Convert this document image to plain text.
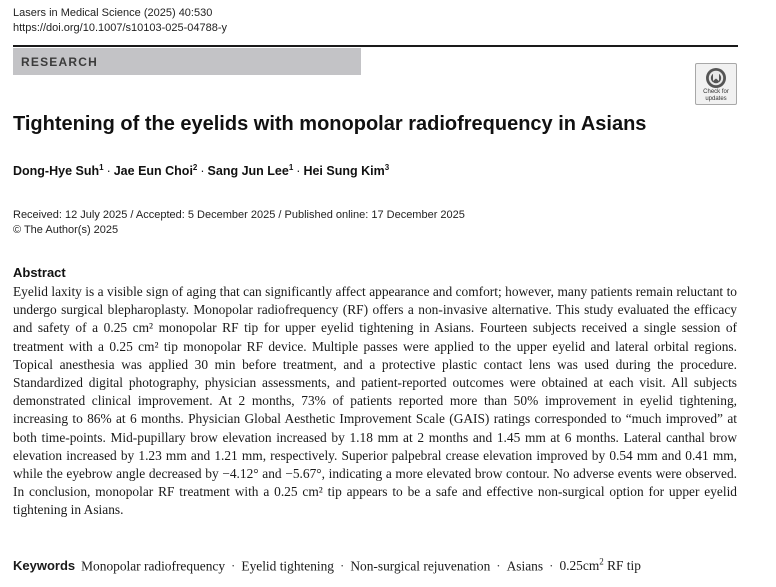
Lasers in Medical Science (2025) 40:530
https://doi.org/10.1007/s10103-025-04788-y
RESEARCH
Check for
updates
Tightening of the eyelids with monopolar radiofrequency in Asians
Dong-Hye Suh$^1$ · Jae Eun Choi$^2$ · Sang Jun Lee$^1$ · Hei Sung Kim$^3$
Received: 12 July 2025 / Accepted: 5 December 2025 / Published online: 17 December 2025
© The Author(s) 2025
Abstract
Eyelid laxity is a visible sign of aging that can significantly affect appearance and comfort; however, many patients remain reluctant to undergo surgical blepharoplasty. Monopolar radiofrequency (RF) offers a non-invasive alternative. This study evaluated the efficacy and safety of a 0.25 cm² monopolar RF tip for upper eyelid tightening in Asians. Fourteen subjects received a single session of treatment with a 0.25 cm² tip monopolar RF device. Multiple passes were applied to the upper eyelid and lateral orbital regions. Topical anesthesia was applied 30 min before treatment, and a protective plastic contact lens was used during the procedure. Standardized digital photography, physician assessments, and patient-reported outcomes were obtained at each visit. All subjects demonstrated clinical improvement. At 2 months, 73% of patients reported more than 50% improvement in eyelid tightening, increasing to 86% at 6 months. Physician Global Aesthetic Improvement Scale (GAIS) ratings corresponded to “much improved” at both time-points. Mid-pupillary brow elevation increased by 1.18 mm at 2 months and 1.45 mm at 6 months. Lateral canthal brow elevation increased by 1.23 mm and 1.21 mm, respectively. Superior palpebral crease elevation improved by 0.54 mm and 0.41 mm, while the eyebrow angle decreased by −4.12° and −5.67°, indicating a more elevated brow contour. No adverse events were observed. In conclusion, monopolar RF treatment with a 0.25 cm² tip appears to be a safe and effective non-surgical option for upper eyelid tightening in Asians.
Keywords Monopolar radiofrequency · Eyelid tightening · Non-surgical rejuvenation · Asians · $0.25cm^2$ RF tip
